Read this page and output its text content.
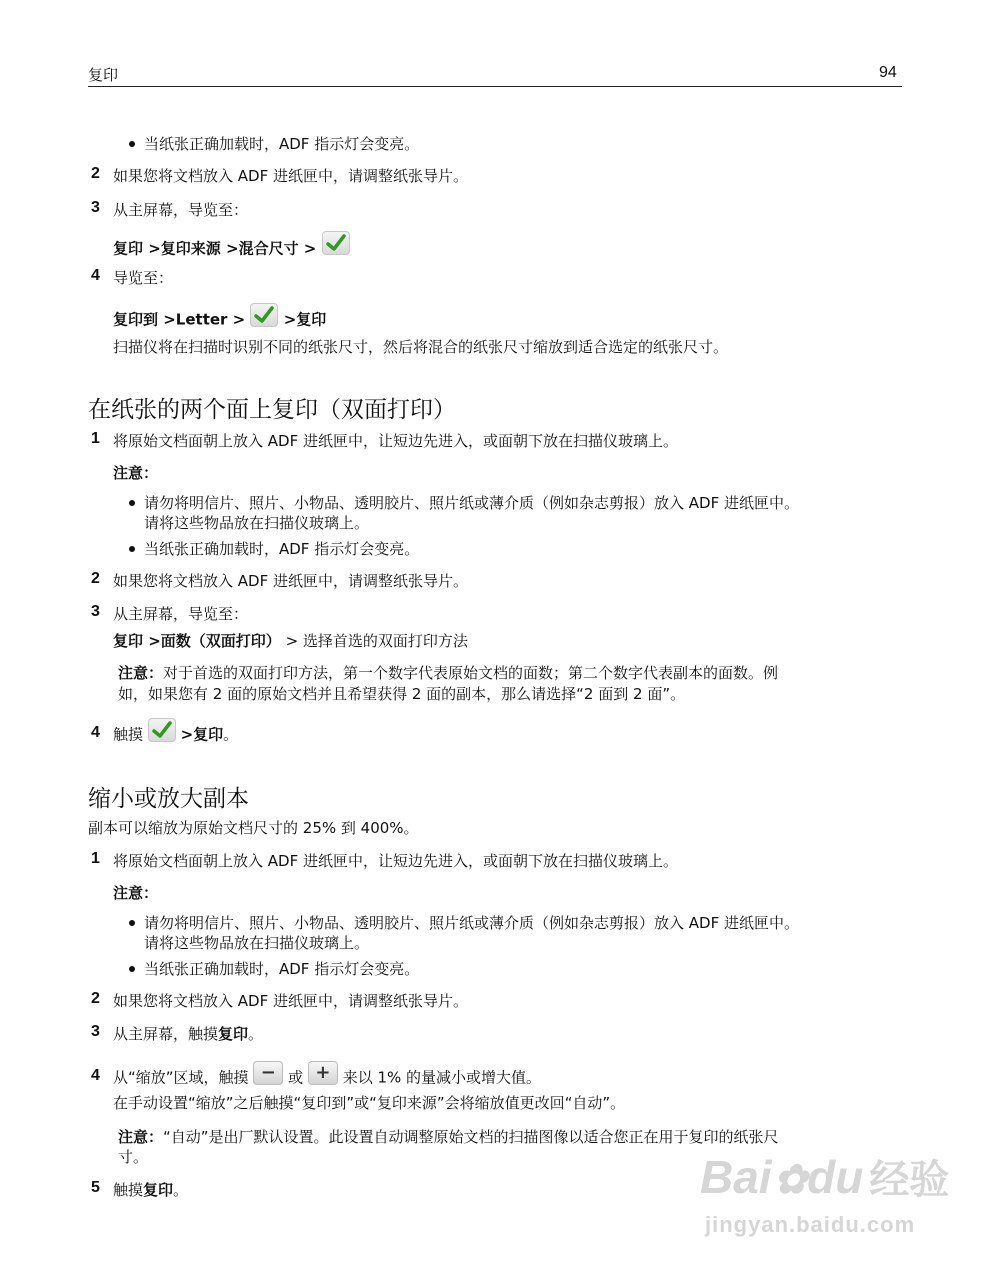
复印	94
当纸张正确加载时，ADF 指示灯会变亮。
2 如果您将文档放入 ADF 进纸匣中，请调整纸张导片。
3 从主屏幕，导览至：
复印 >复印来源 >混合尺寸 >
4 导览至：
复印到 >Letter >	>复印
扫描仪将在扫描时识别不同的纸张尺寸，然后将混合的纸张尺寸缩放到适合选定的纸张尺寸。
在纸张的两个面上复印（双面打印）
1 将原始文档面朝上放入 ADF 进纸匣中，让短边先进入，或面朝下放在扫描仪玻璃上。
注意：
请勿将明信片、照片、小物品、透明胶片、照片纸或薄介质（例如杂志剪报）放入 ADF 进纸匣中。
请将这些物品放在扫描仪玻璃上。
当纸张正确加载时，ADF 指示灯会变亮。
2 如果您将文档放入 ADF 进纸匣中，请调整纸张导片。
3 从主屏幕，导览至：
复印 >面数（双面打印） > 选择首选的双面打印方法
注意：对于首选的双面打印方法，第一个数字代表原始文档的面数；第二个数字代表副本的面数。例
如，如果您有 2 面的原始文档并且希望获得 2 面的副本，那么请选择“2 面到 2 面”。
4 触摸	>复印。
缩小或放大副本
副本可以缩放为原始文档尺寸的 25% 到 400%。
1 将原始文档面朝上放入 ADF 进纸匣中，让短边先进入，或面朝下放在扫描仪玻璃上。
注意：
请勿将明信片、照片、小物品、透明胶片、照片纸或薄介质（例如杂志剪报）放入 ADF 进纸匣中。
请将这些物品放在扫描仪玻璃上。
当纸张正确加载时，ADF 指示灯会变亮。
2 如果您将文档放入 ADF 进纸匣中，请调整纸张导片。
3 从主屏幕，触摸复印。
4 从“缩放”区域，触摸 − 或 + 来以 1% 的量减小或增大值。
在手动设置“缩放”之后触摸“复印到”或“复印来源”会将缩放值更改回“自动”。
注意：“自动”是出厂默认设置。此设置自动调整原始文档的扫描图像以适合您正在用于复印的纸张尺
寸。
5 触摸复印。	Bai✿du 经验
jingyan.baidu.com
